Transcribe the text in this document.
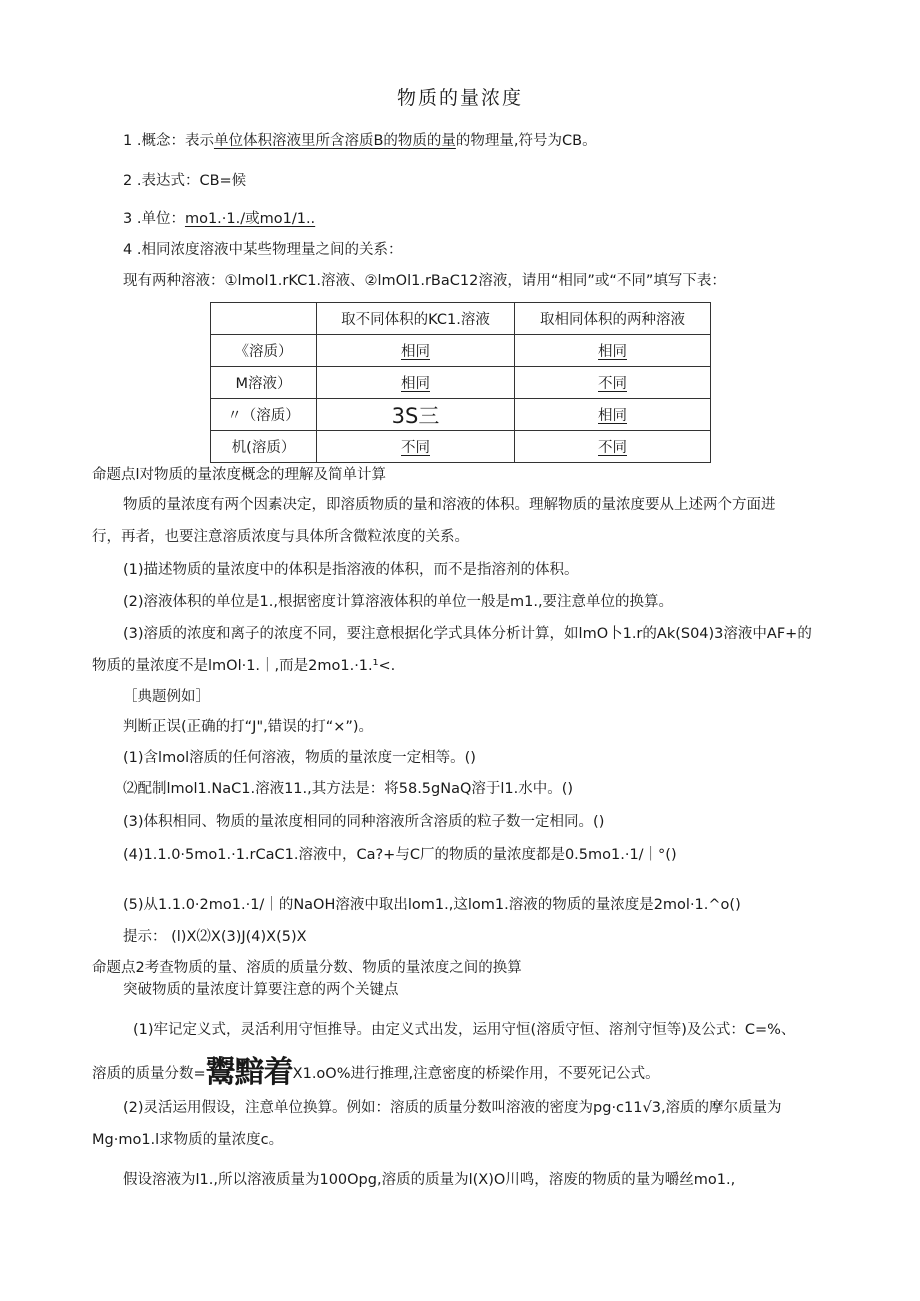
物质的量浓度
1 .概念：表示单位体积溶液里所含溶质B的物质的量的物理量,符号为CB。
2 .表达式：CB=候
3 .单位：mo1.·1./或mo1/1..
4 .相同浓度溶液中某些物理量之间的关系：
现有两种溶液：①lmol1.rKC1.溶液、②lmOl1.rBaC12溶液，请用“相同”或“不同”填写下表：
	取不同体积的KC1.溶液	取相同体积的两种溶液
《溶质）	相同	相同
M溶液）	相同	不同
〃（溶质）	3S三	相同
机(溶质）	不同	不同
命题点l对物质的量浓度概念的理解及简单计算
物质的量浓度有两个因素决定，即溶质物质的量和溶液的体积。理解物质的量浓度要从上述两个方面进
行，再者，也要注意溶质浓度与具体所含微粒浓度的关系。
(1)描述物质的量浓度中的体积是指溶液的体积，而不是指溶剂的体积。
(2)溶液体积的单位是1.,根据密度计算溶液体积的单位一般是m1.,要注意单位的换算。
(3)溶质的浓度和离子的浓度不同，要注意根据化学式具体分析计算，如lmO卜1.r的Ak(S04)3溶液中AF+的
物质的量浓度不是lmOl·1.｜,而是2mo1.·1.¹<.
［典题例如］
判断正误(正确的打“J",错误的打“×”)。
(1)含lmol溶质的任何溶液，物质的量浓度一定相等。()
⑵配制lmol1.NaC1.溶液11.,其方法是：将58.5gNaQ溶于l1.水中。()
(3)体积相同、物质的量浓度相同的同种溶液所含溶质的粒子数一定相同。()
(4)1.1.0·5mo1.·1.rCaC1.溶液中，Ca?+与C厂的物质的量浓度都是0.5mo1.·1/｜°()
(5)从1.1.0·2mo1.·1/｜的NaOH溶液中取出lom1.,这lom1.溶液的物质的量浓度是2mol·1.^o()
提示： (l)X⑵X(3)J(4)X(5)X
命题点2考查物质的量、溶质的质量分数、物质的量浓度之间的换算
突破物质的量浓度计算要注意的两个关键点
(1)牢记定义式，灵活利用守恒推导。由定义式出发，运用守恒(溶质守恒、溶剂守恒等)及公式：C=%、
溶质的质量分数=鬻黯着X1.oO%进行推理,注意密度的桥梁作用，不要死记公式。
(2)灵活运用假设，注意单位换算。例如：溶质的质量分数叫溶液的密度为pg·c11√3,溶质的摩尔质量为
Mg·mo1.l求物质的量浓度c。
假设溶液为l1.,所以溶液质量为100Opg,溶质的质量为l(X)O川鸣，溶废的物质的量为嚼丝mo1.,
